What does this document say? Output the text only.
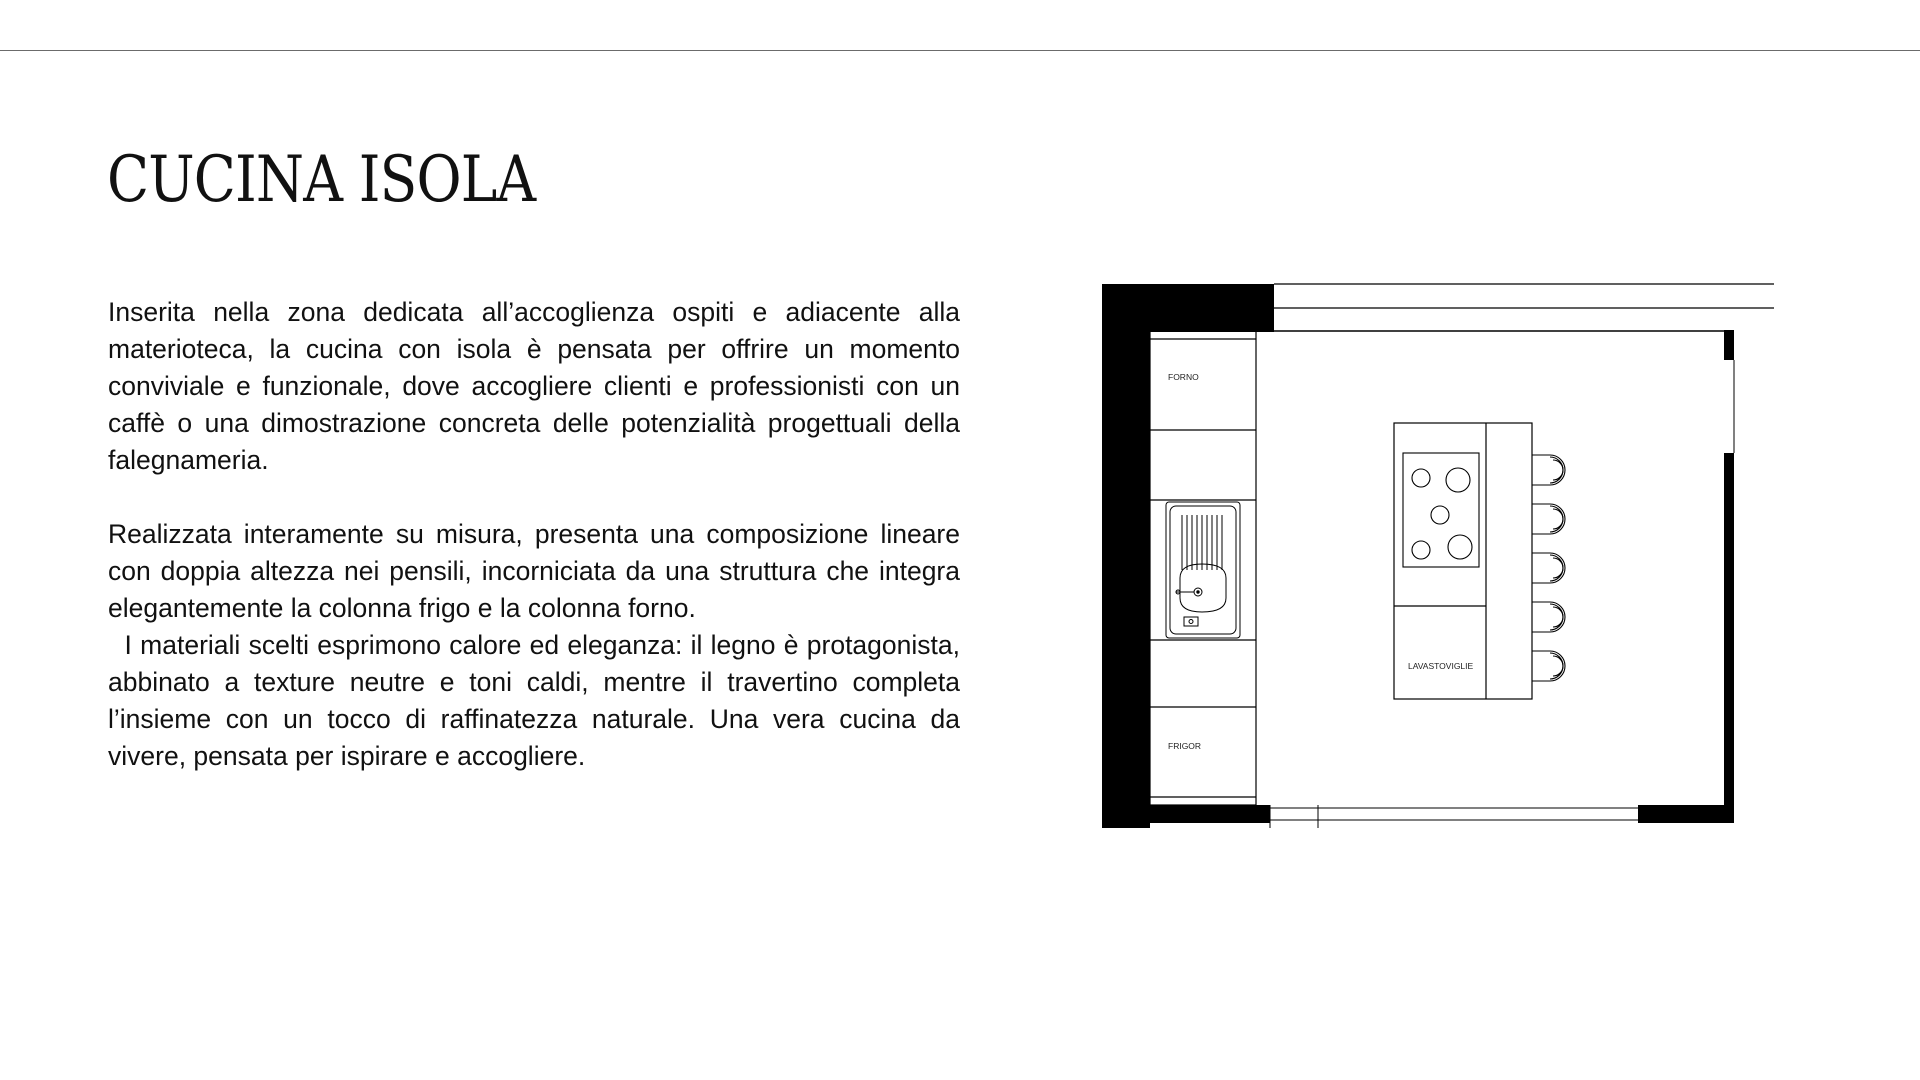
CUCINA ISOLA

Inserita nella zona dedicata all’accoglienza ospiti e adiacente alla materioteca, la cucina con isola è pensata per offrire un momento conviviale e funzionale, dove accogliere clienti e professionisti con un caffè o una dimostrazione concreta delle potenzialità progettuali della falegnameria.

Realizzata interamente su misura, presenta una composizione lineare con doppia altezza nei pensili, incorniciata da una struttura che integra elegantemente la colonna frigo e la colonna forno.

I materiali scelti esprimono calore ed eleganza: il legno è protagonista, abbinato a texture neutre e toni caldi, mentre il travertino completa l’insieme con un tocco di raffinatezza naturale. Una vera cucina da vivere, pensata per ispirare e accogliere.

FORNO
FRIGOR
LAVASTOVIGLIE
